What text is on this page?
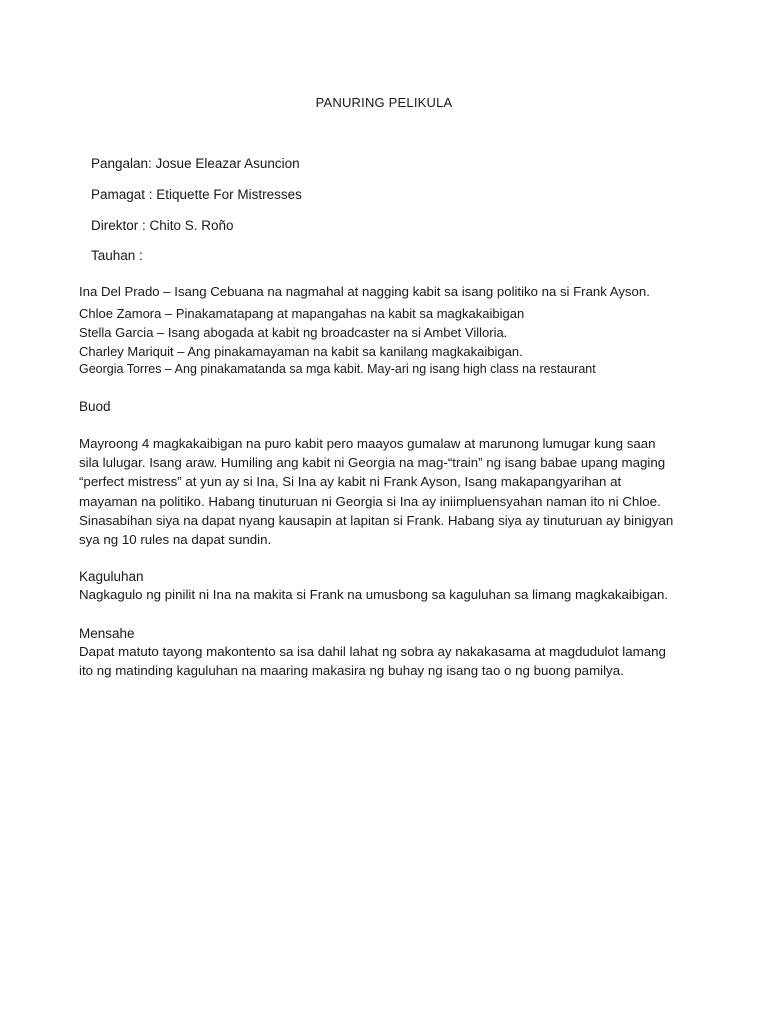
PANURING PELIKULA
Pangalan: Josue Eleazar Asuncion
Pamagat : Etiquette For Mistresses
Direktor : Chito S. Roño
Tauhan :
Ina Del Prado – Isang Cebuana na nagmahal at nagging kabit sa isang politiko na si Frank Ayson.
Chloe Zamora – Pinakamatapang at mapangahas na kabit sa magkakaibigan
Stella Garcia – Isang abogada at kabit ng broadcaster na si Ambet Villoria.
Charley Mariquit – Ang pinakamayaman na kabit sa kanilang magkakaibigan.
Georgia Torres – Ang pinakamatanda sa mga kabit. May-ari ng isang high class na restaurant
Buod
Mayroong 4 magkakaibigan na puro kabit pero maayos gumalaw at marunong lumugar kung saan
sila lulugar. Isang araw. Humiling ang kabit ni Georgia na mag-“train” ng isang babae upang maging
“perfect mistress” at yun ay si Ina, Si Ina ay kabit ni Frank Ayson, Isang makapangyarihan at
mayaman na politiko. Habang tinuturuan ni Georgia si Ina ay iniimpluensyahan naman ito ni Chloe.
Sinasabihan siya na dapat nyang kausapin at lapitan si Frank. Habang siya ay tinuturuan ay binigyan
sya ng 10 rules na dapat sundin.
Kaguluhan
Nagkagulo ng pinilit ni Ina na makita si Frank na umusbong sa kaguluhan sa limang magkakaibigan.
Mensahe
Dapat matuto tayong makontento sa isa dahil lahat ng sobra ay nakakasama at magdudulot lamang
ito ng matinding kaguluhan na maaring makasira ng buhay ng isang tao o ng buong pamilya.
